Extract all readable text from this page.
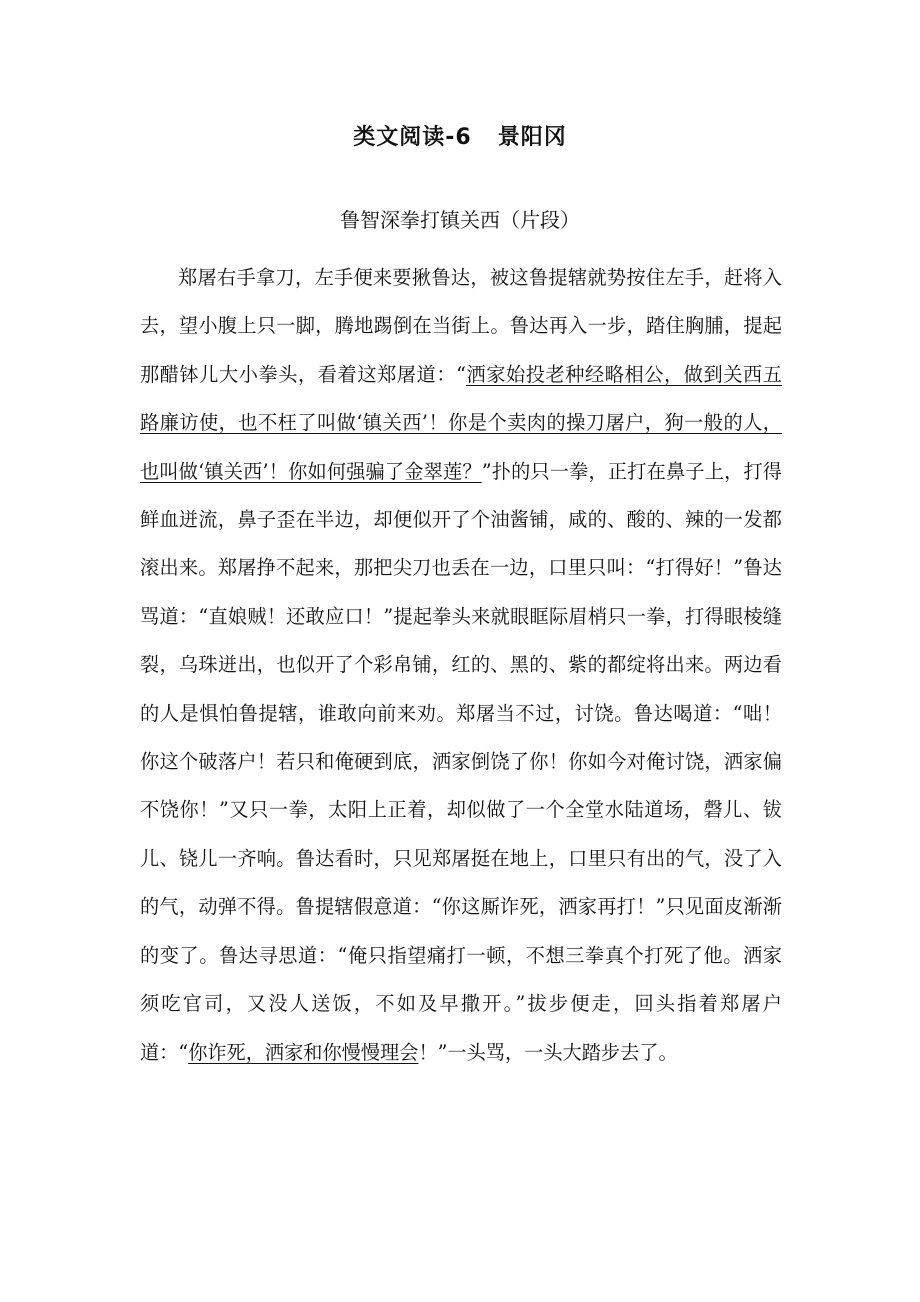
类文阅读-6 景阳冈
鲁智深拳打镇关西（片段）

郑屠右手拿刀，左手便来要揪鲁达，被这鲁提辖就势按住左手，赶将入去，望小腹上只一脚，腾地踢倒在当街上。鲁达再入一步，踏住胸脯，提起那醋钵儿大小拳头，看着这郑屠道：“洒家始投老种经略相公，做到关西五路廉访使，也不枉了叫做‘镇关西’！你是个卖肉的操刀屠户，狗一般的人，也叫做‘镇关西’！你如何强骗了金翠莲？”扑的只一拳，正打在鼻子上，打得鲜血迸流，鼻子歪在半边，却便似开了个油酱铺，咸的、酸的、辣的一发都滚出来。郑屠挣不起来，那把尖刀也丢在一边，口里只叫：“打得好！”鲁达骂道：“直娘贼！还敢应口！”提起拳头来就眼眶际眉梢只一拳，打得眼棱缝裂，乌珠迸出，也似开了个彩帛铺，红的、黑的、紫的都绽将出来。两边看的人是惧怕鲁提辖，谁敢向前来劝。郑屠当不过，讨饶。鲁达喝道：“咄！你这个破落户！若只和俺硬到底，洒家倒饶了你！你如今对俺讨饶，洒家偏不饶你！”又只一拳，太阳上正着，却似做了一个全堂水陆道场，磬儿、钹儿、铙儿一齐响。鲁达看时，只见郑屠挺在地上，口里只有出的气，没了入的气，动弹不得。鲁提辖假意道：“你这厮诈死，洒家再打！”只见面皮渐渐的变了。鲁达寻思道：“俺只指望痛打一顿，不想三拳真个打死了他。洒家须吃官司，又没人送饭，不如及早撒开。”拔步便走，回头指着郑屠户道：“你诈死，洒家和你慢慢理会！”一头骂，一头大踏步去了。
